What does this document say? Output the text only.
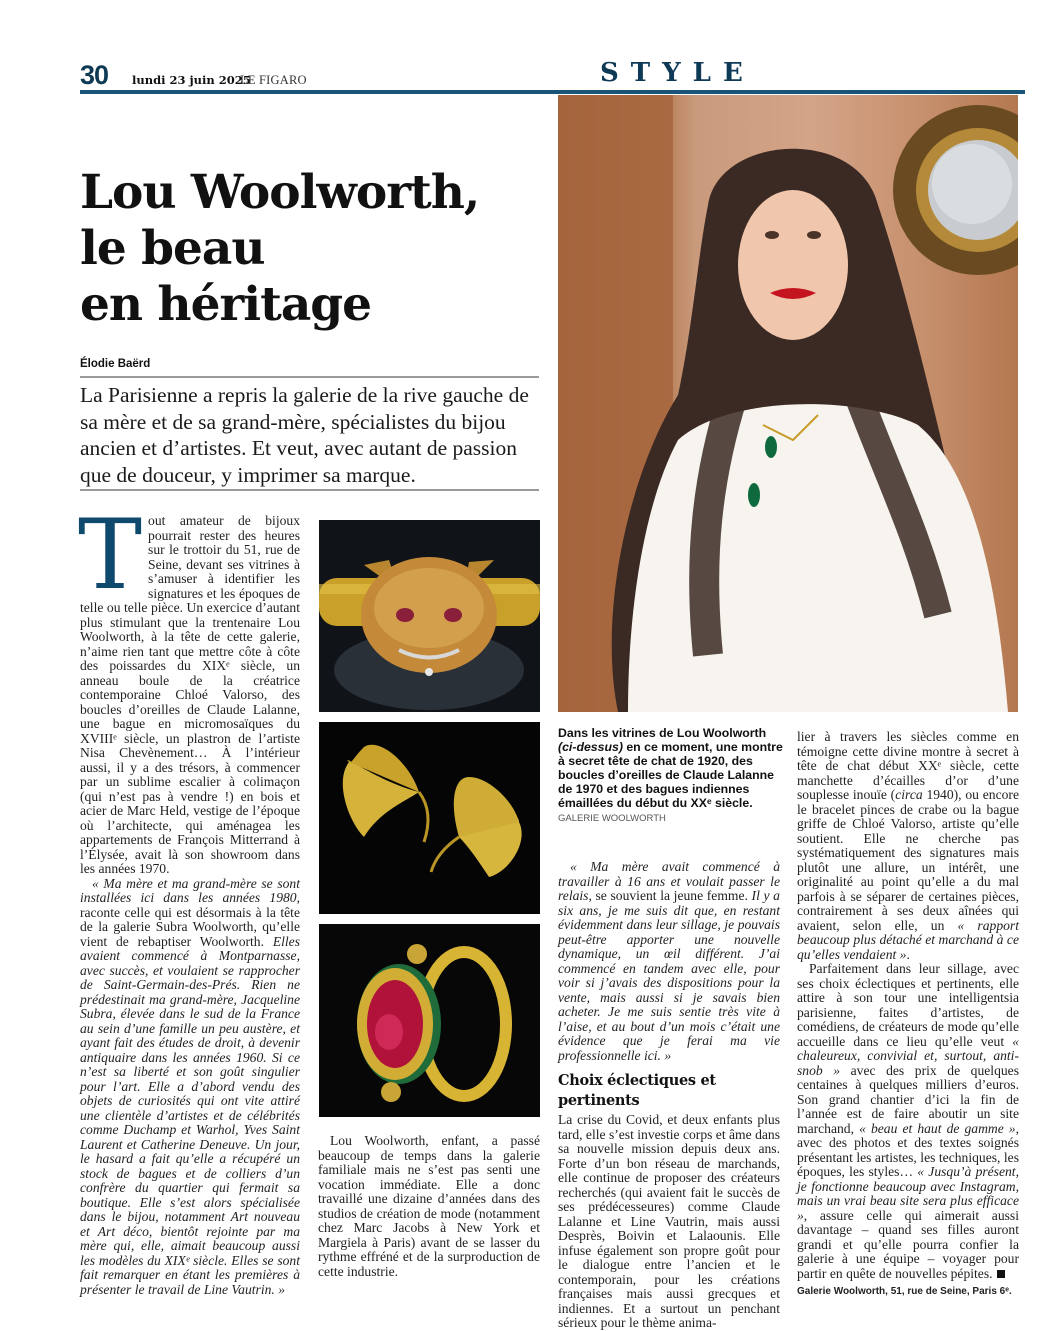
30 lundi 23 juin 2025
LE FIGARO	STYLE
Lou Woolworth,
le beau
en héritage
Élodie Baërd
La Parisienne a repris la galerie de la rive gauche de sa mère et de sa grand-mère, spécialistes du bijou ancien et d’artistes. Et veut, avec autant de passion que de douceur, y imprimer sa marque.

Tout amateur de bijoux pourrait rester des heures sur le trottoir du 51, rue de Seine, devant ses vitrines à s’amuser à identifier les signatures et les époques de telle ou telle pièce. Un exercice d’autant plus stimulant que la trentenaire Lou Woolworth, à la tête de cette galerie, n’aime rien tant que mettre côte à côte des poissardes du XIXᵉ siècle, un anneau boule de la créatrice contemporaine Chloé Valorso, des boucles d’oreilles de Claude Lalanne, une bague en micromosaïques du XVIIIᵉ siècle, un plastron de l’artiste Nisa Chevènement… À l’intérieur aussi, il y a des trésors, à commencer par un sublime escalier à colimaçon (qui n’est pas à vendre !) en bois et acier de Marc Held, vestige de l’époque où l’architecte, qui aménagea les appartements de François Mitterrand à l’Élysée, avait là son showroom dans les années 1970.

« Ma mère et ma grand-mère se sont installées ici dans les années 1980, raconte celle qui est désormais à la tête de la galerie Subra Woolworth, qu’elle vient de rebaptiser Woolworth. Elles avaient commencé à Montparnasse, avec succès, et voulaient se rapprocher de Saint-Germain-des-Prés. Rien ne prédestinait ma grand-mère, Jacqueline Subra, élevée dans le sud de la France au sein d’une famille un peu austère, et ayant fait des études de droit, à devenir antiquaire dans les années 1960. Si ce n’est sa liberté et son goût singulier pour l’art. Elle a d’abord vendu des objets de curiosités qui ont vite attiré une clientèle d’artistes et de célébrités comme Duchamp et Warhol, Yves Saint Laurent et Catherine Deneuve. Un jour, le hasard a fait qu’elle a récupéré un stock de bagues et de colliers d’un confrère du quartier qui fermait sa boutique. Elle s’est alors spécialisée dans le bijou, notamment Art nouveau et Art déco, bientôt rejointe par ma mère qui, elle, aimait beaucoup aussi les modèles du XIXᵉ siècle. Elles se sont fait remarquer en étant les premières à présenter le travail de Line Vautrin. »

Dans les vitrines de Lou Woolworth (ci-dessus) en ce moment, une montre à secret tête de chat de 1920, des boucles d’oreilles de Claude Lalanne de 1970 et des bagues indiennes émaillées du début du XXᵉ siècle.
GALERIE WOOLWORTH

Lou Woolworth, enfant, a passé beaucoup de temps dans la galerie familiale mais ne s’est pas senti une vocation immédiate. Elle a donc travaillé une dizaine d’années dans des studios de création de mode (notamment chez Marc Jacobs à New York et Margiela à Paris) avant de se lasser du rythme effréné et de la surproduction de cette industrie.

« Ma mère avait commencé à travailler à 16 ans et voulait passer le relais, se souvient la jeune femme. Il y a six ans, je me suis dit que, en restant évidemment dans leur sillage, je pouvais peut-être apporter une nouvelle dynamique, un œil différent. J’ai commencé en tandem avec elle, pour voir si j’avais des dispositions pour la vente, mais aussi si je savais bien acheter. Je me suis sentie très vite à l’aise, et au bout d’un mois c’était une évidence que je ferai ma vie professionnelle ici. »

Choix éclectiques et pertinents

La crise du Covid, et deux enfants plus tard, elle s’est investie corps et âme dans sa nouvelle mission depuis deux ans. Forte d’un bon réseau de marchands, elle continue de proposer des créateurs recherchés (qui avaient fait le succès de ses prédécesseures) comme Claude Lalanne et Line Vautrin, mais aussi Desprès, Boivin et Lalaounis. Elle infuse également son propre goût pour le dialogue entre l’ancien et le contemporain, pour les créations françaises mais aussi grecques et indiennes. Et a surtout un penchant sérieux pour le thème anima-

lier à travers les siècles comme en témoigne cette divine montre à secret à tête de chat début XXᵉ siècle, cette manchette d’écailles d’or d’une souplesse inouïe (circa 1940), ou encore le bracelet pinces de crabe ou la bague griffe de Chloé Valorso, artiste qu’elle soutient. Elle ne cherche pas systématiquement des signatures mais plutôt une allure, un intérêt, une originalité au point qu’elle a du mal parfois à se séparer de certaines pièces, contrairement à ses deux aînées qui avaient, selon elle, un « rapport beaucoup plus détaché et marchand à ce qu’elles vendaient ».

Parfaitement dans leur sillage, avec ses choix éclectiques et pertinents, elle attire à son tour une intelligentsia parisienne, faites d’artistes, de comédiens, de créateurs de mode qu’elle accueille dans ce lieu qu’elle veut « chaleureux, convivial et, surtout, anti-snob » avec des prix de quelques centaines à quelques milliers d’euros. Son grand chantier d’ici la fin de l’année est de faire aboutir un site marchand, « beau et haut de gamme », avec des photos et des textes soignés présentant les artistes, les techniques, les époques, les styles… « Jusqu’à présent, je fonctionne beaucoup avec Instagram, mais un vrai beau site sera plus efficace », assure celle qui aimerait aussi davantage – quand ses filles auront grandi et qu’elle pourra confier la galerie à une équipe – voyager pour partir en quête de nouvelles pépites.

Galerie Woolworth, 51, rue de Seine, Paris 6ᵉ.
